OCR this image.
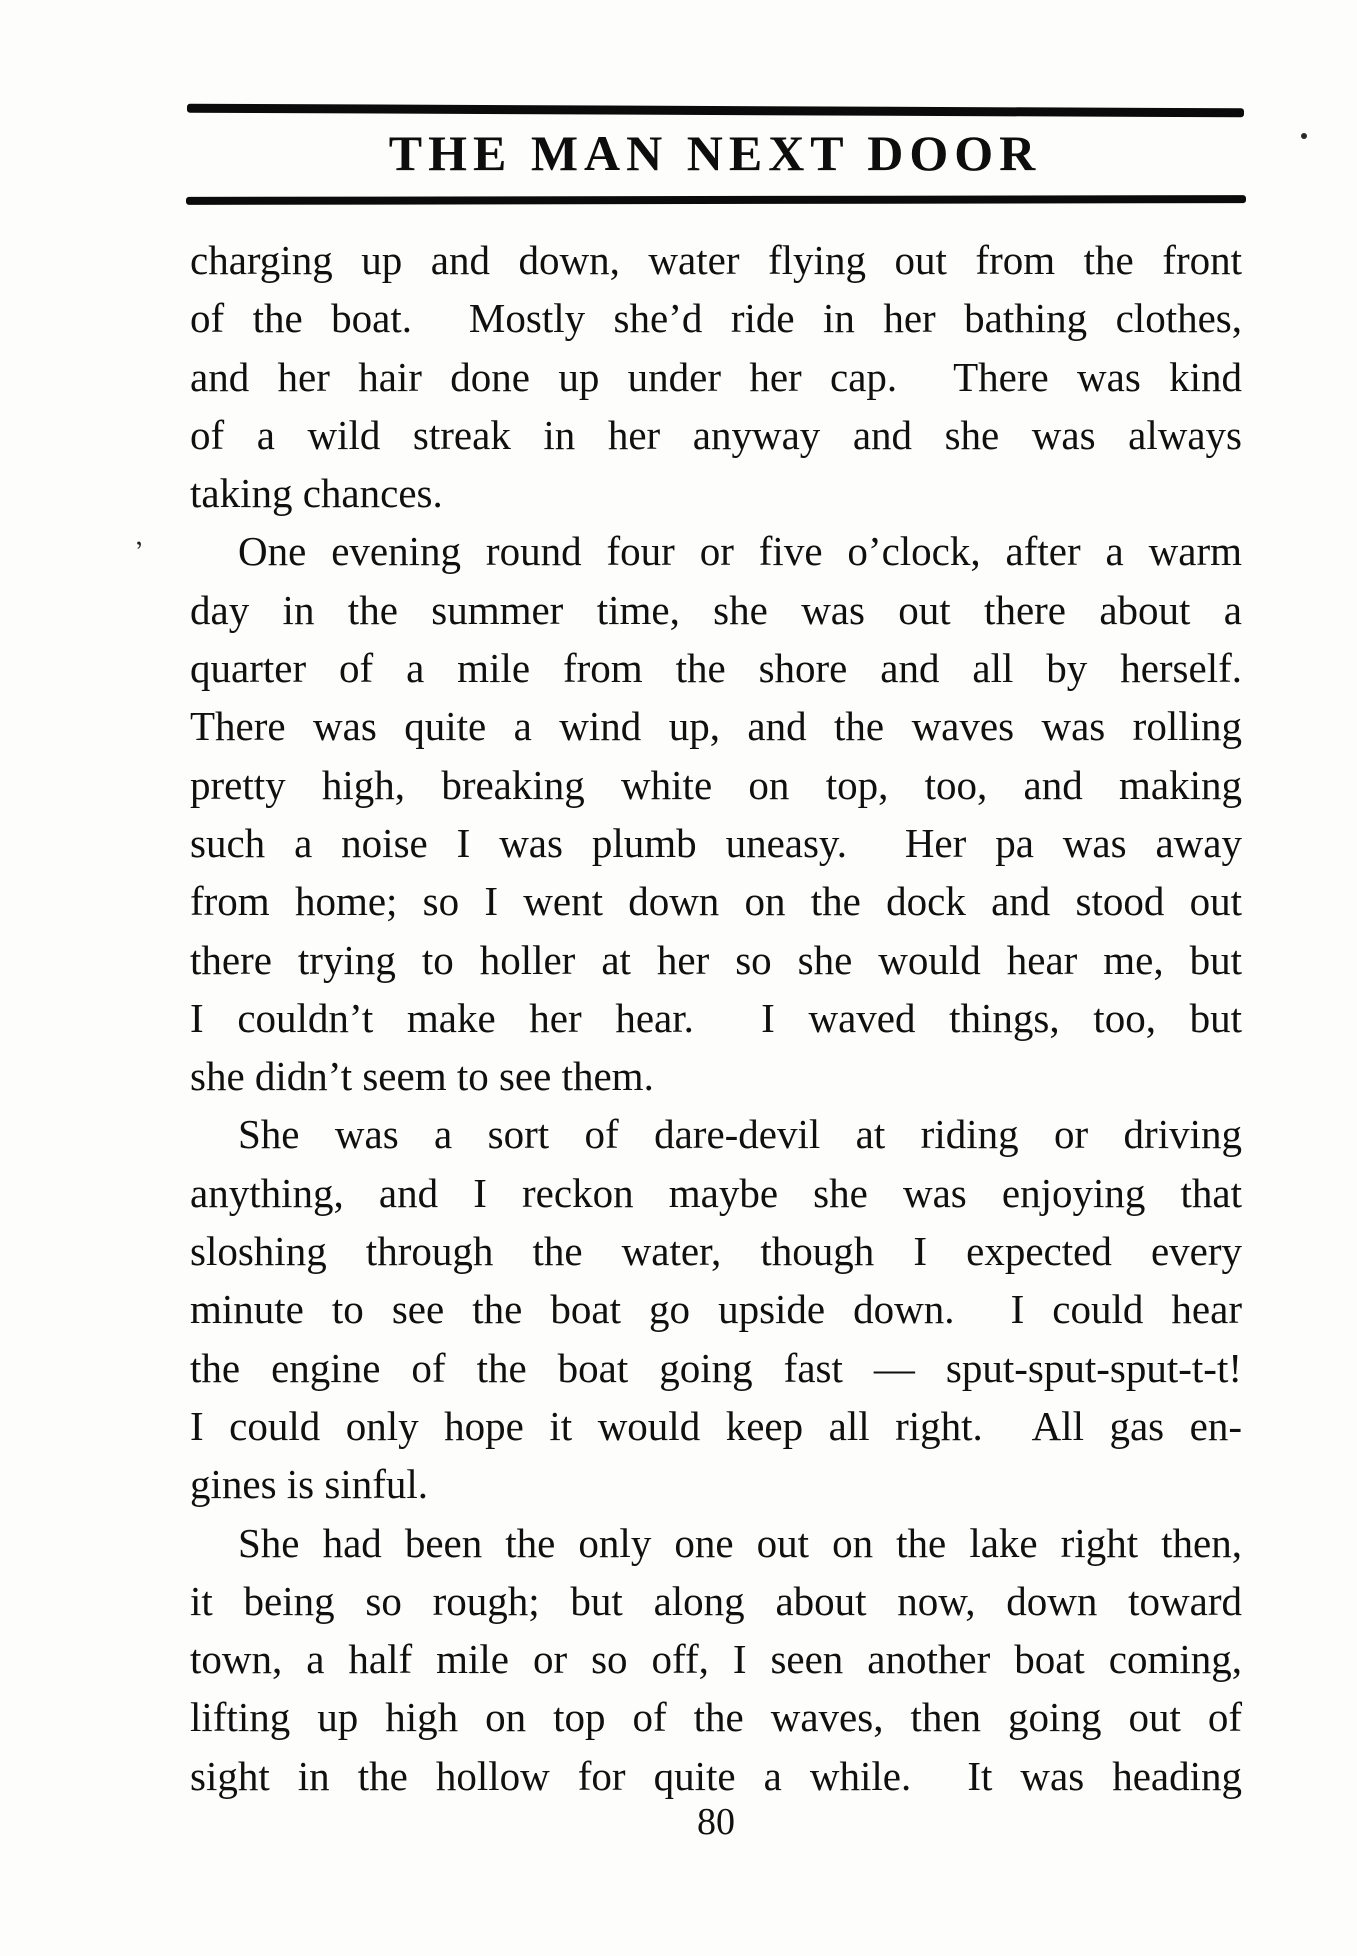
THE MAN NEXT DOOR
’
charging up and down, water flying out from the front
of the boat.  Mostly she’d ride in her bathing clothes,
and her hair done up under her cap.  There was kind
of a wild streak in her anyway and she was always
taking chances.
One evening round four or five o’clock, after a warm
day in the summer time, she was out there about a
quarter of a mile from the shore and all by herself.
There was quite a wind up, and the waves was rolling
pretty high, breaking white on top, too, and making
such a noise I was plumb uneasy.  Her pa was away
from home; so I went down on the dock and stood out
there trying to holler at her so she would hear me, but
I couldn’t make her hear.  I waved things, too, but
she didn’t seem to see them.
She was a sort of dare-devil at riding or driving
anything, and I reckon maybe she was enjoying that
sloshing through the water, though I expected every
minute to see the boat go upside down.  I could hear
the engine of the boat going fast — sput-sput-sput-t-t!
I could only hope it would keep all right.  All gas en-
gines is sinful.
She had been the only one out on the lake right then,
it being so rough; but along about now, down toward
town, a half mile or so off, I seen another boat coming,
lifting up high on top of the waves, then going out of
sight in the hollow for quite a while.  It was heading
80
